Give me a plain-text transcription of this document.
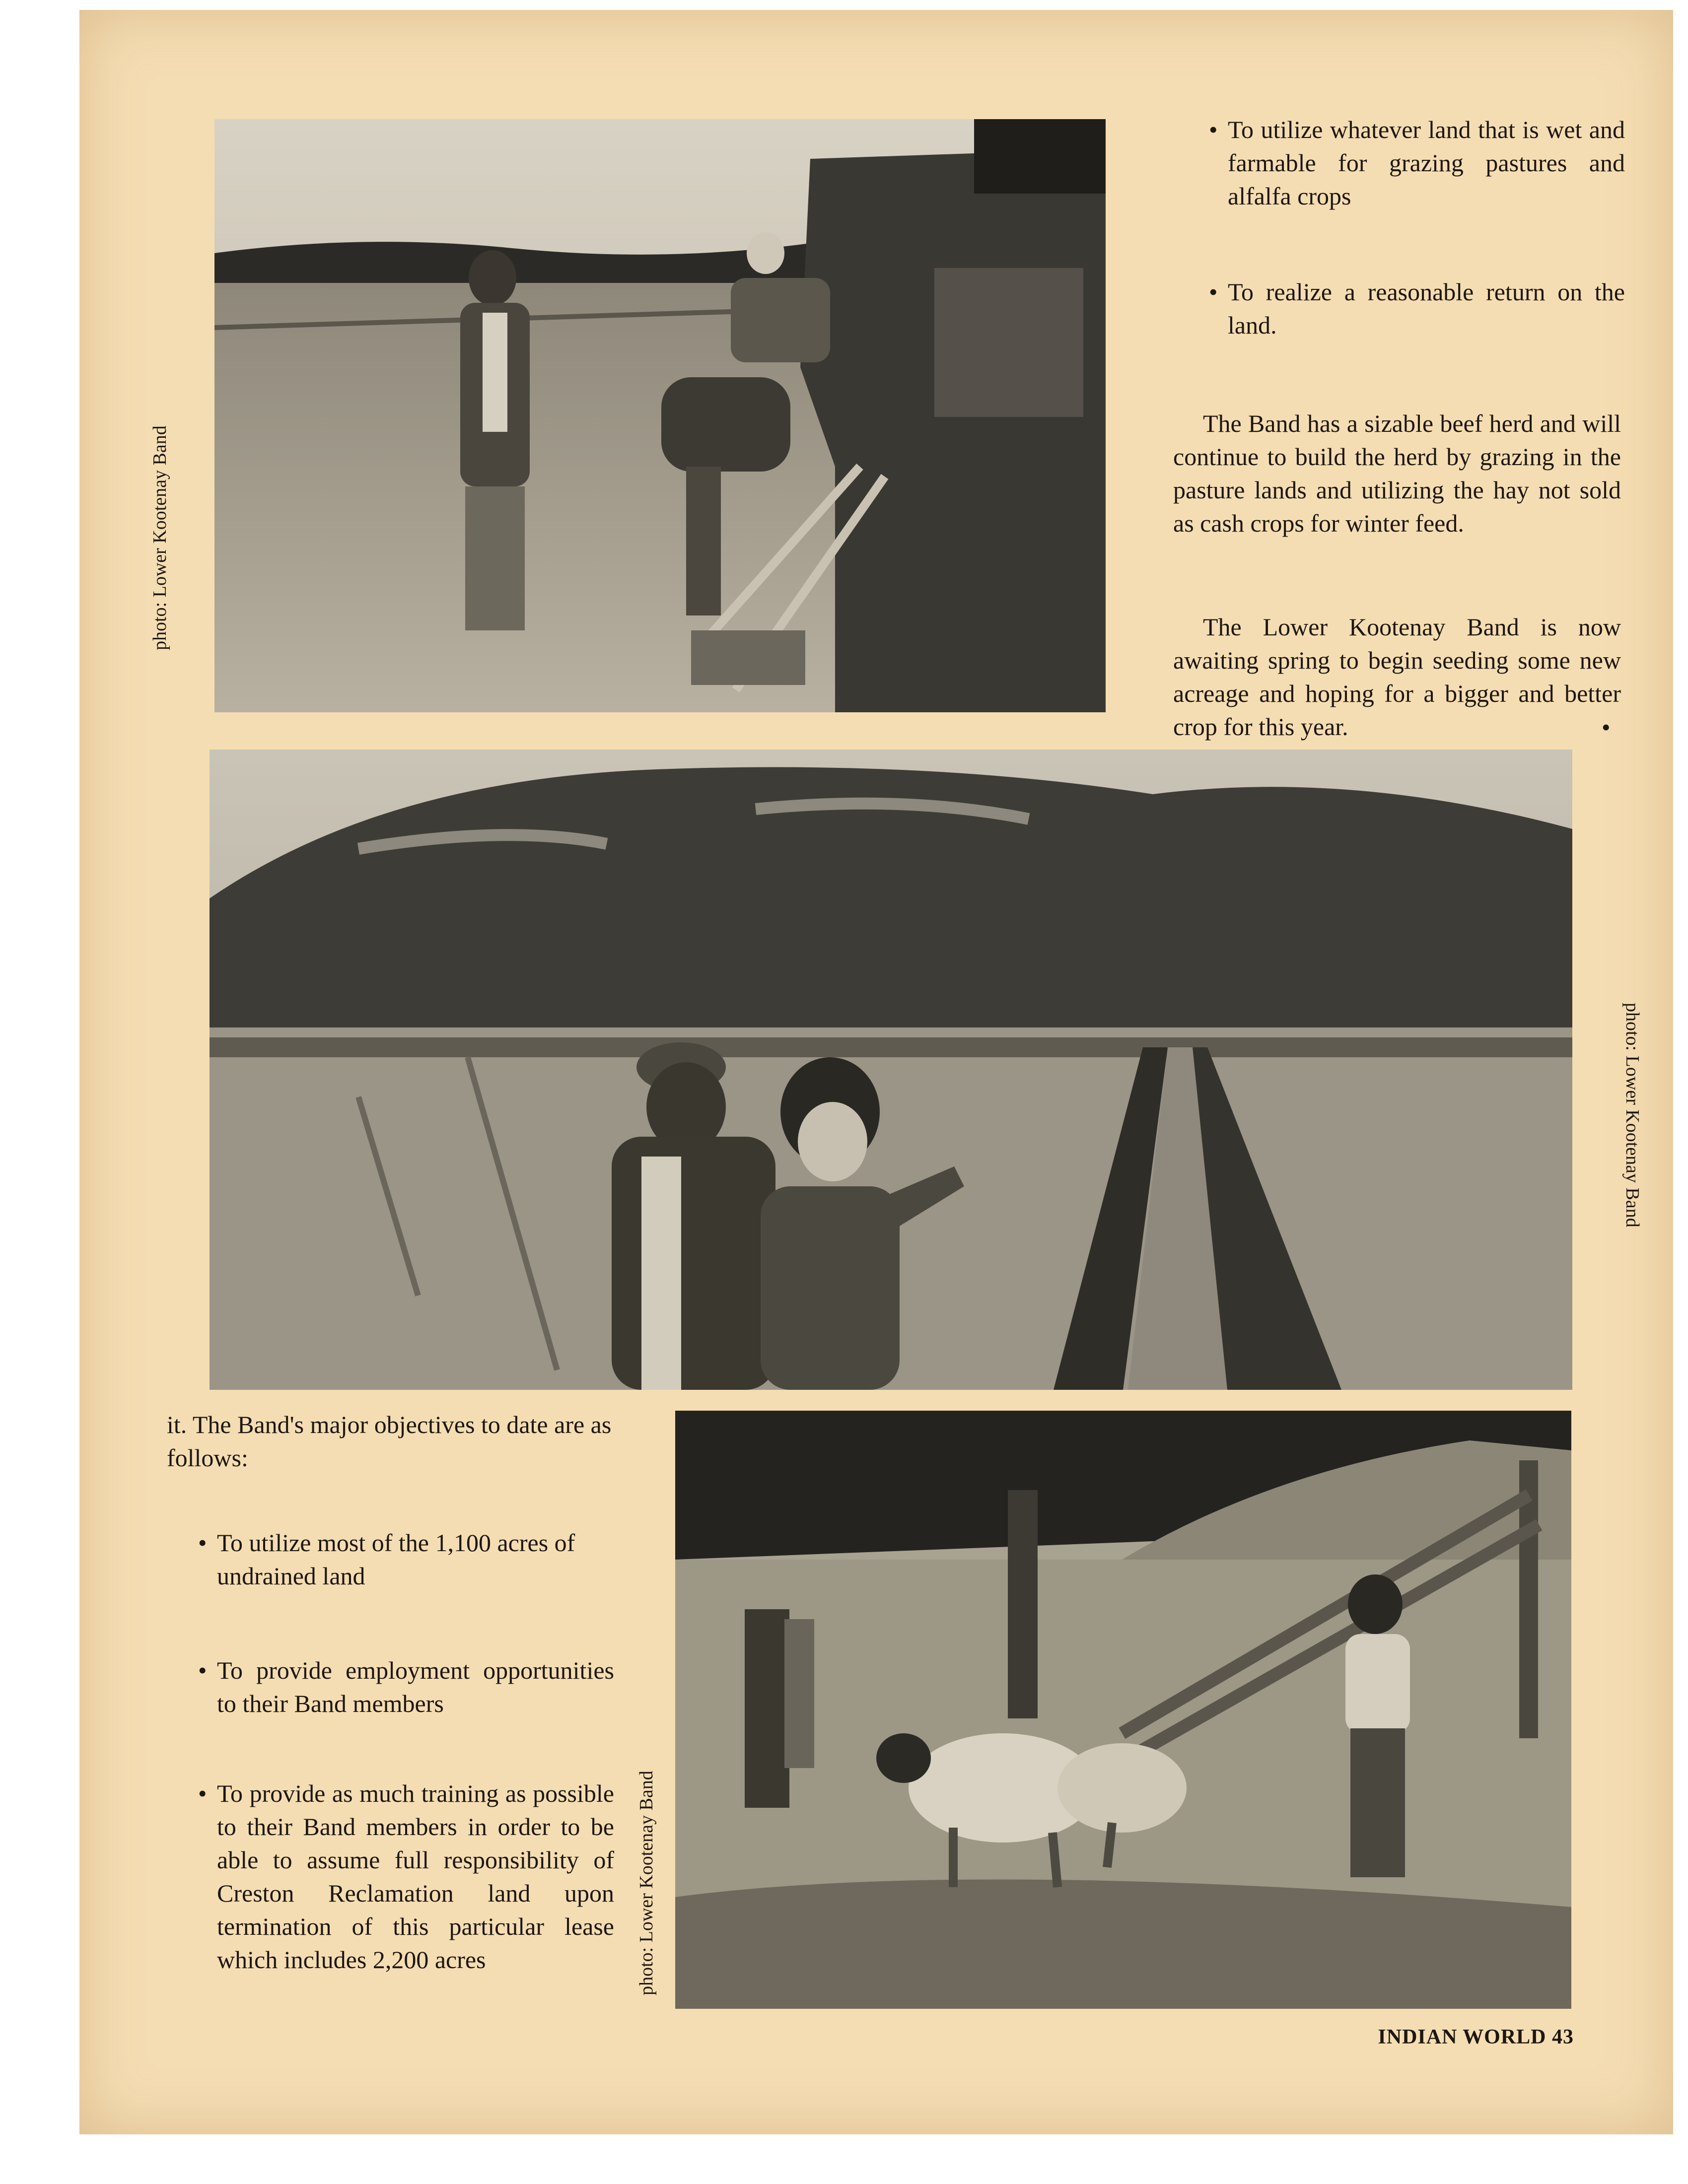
• To utilize whatever land that is wet and farmable for grazing pastures and alfalfa crops
• To realize a reasonable return on the land.

The Band has a sizable beef herd and will continue to build the herd by grazing in the pasture lands and utilizing the hay not sold as cash crops for winter feed.

The Lower Kootenay Band is now awaiting spring to begin seeding some new acreage and hoping for a bigger and better crop for this year.	•

it. The Band's major objectives to date are as follows:

• To utilize most of the 1,100 acres of undrained land
• To provide employment opportunities to their Band members
• To provide as much training as possible to their Band members in order to be able to assume full responsibility of Creston Reclamation land upon termination of this particular lease which includes 2,200 acres
photo: Lower Kootenay Band
photo: Lower Kootenay Band
photo: Lower Kootenay Band
INDIAN WORLD 43
